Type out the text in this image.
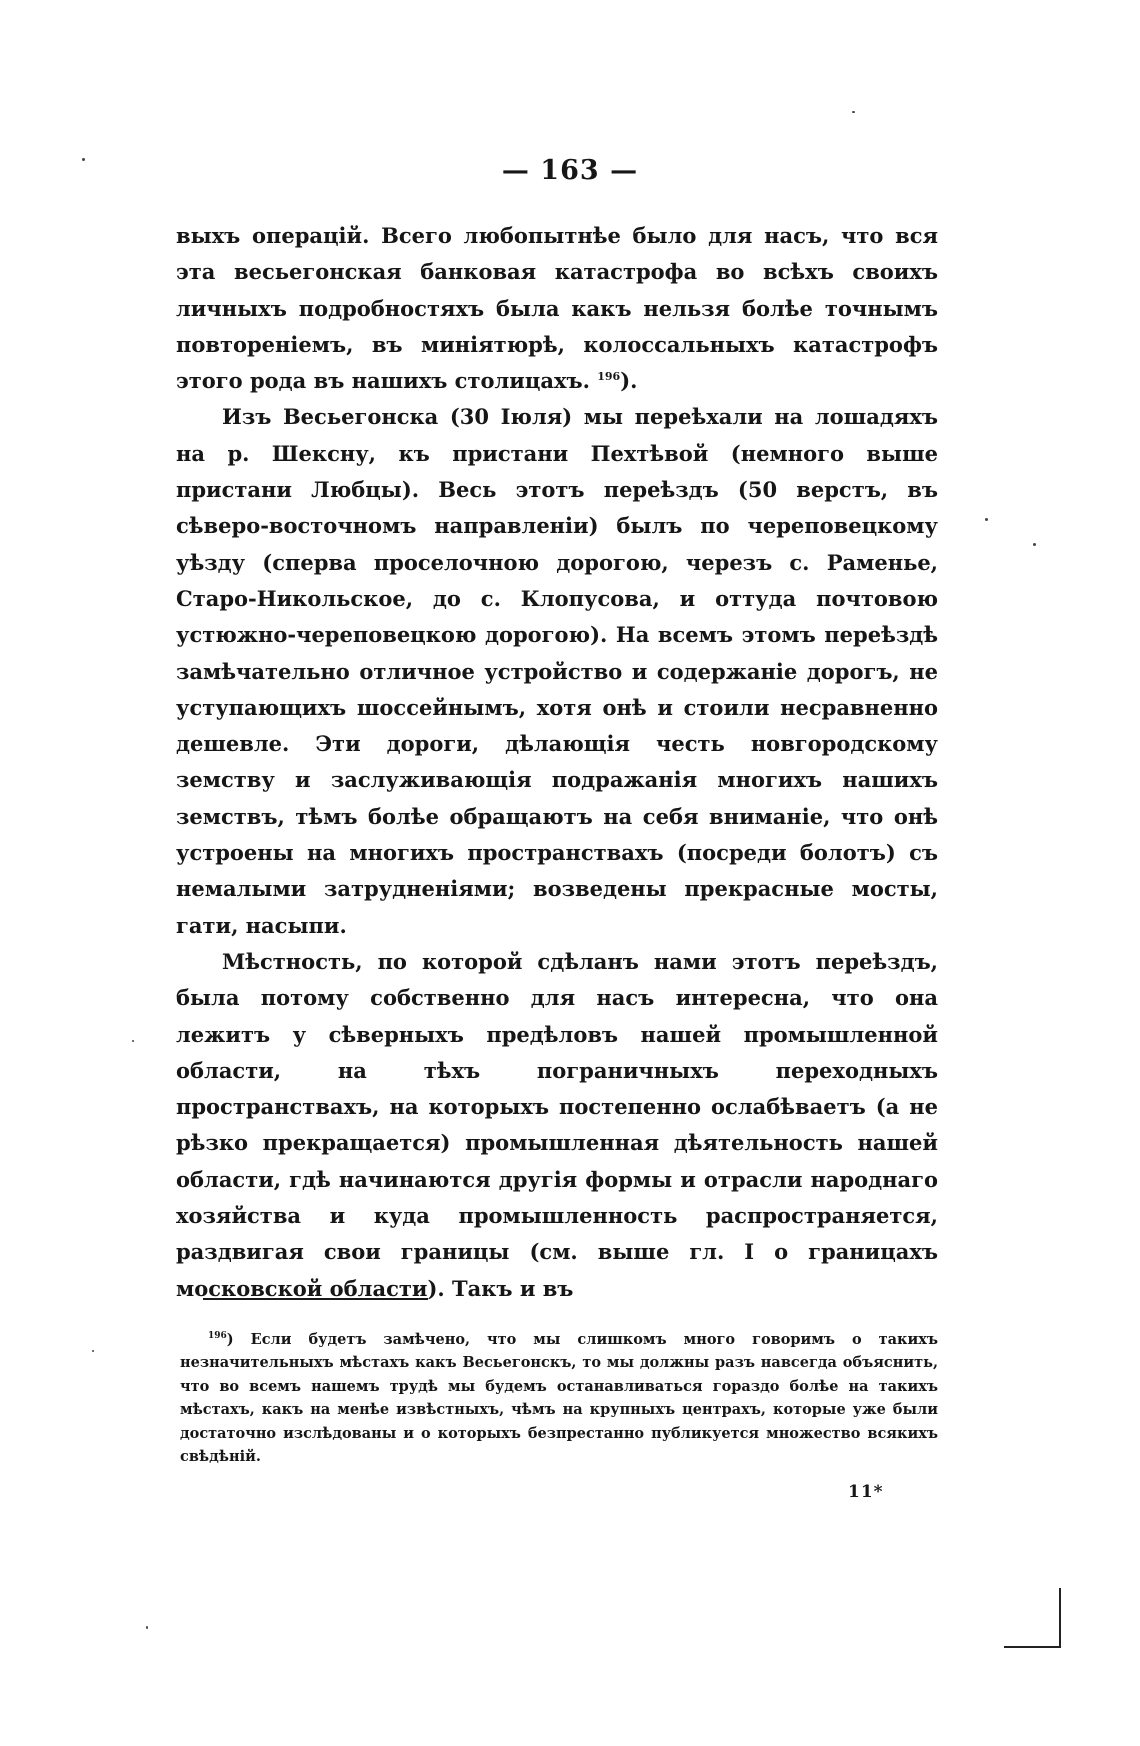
— 163 —

выхъ операцій. Всего любопытнѣе было для насъ, что вся эта весьегонская банковая катастрофа во всѣхъ своихъ личныхъ подробностяхъ была какъ нельзя болѣе точнымъ повтореніемъ, въ миніятюрѣ, колоссальныхъ катастрофъ этого рода въ нашихъ столицахъ. $^{196}$).

Изъ Весьегонска (30 Іюля) мы переѣхали на лошадяхъ на р. Шексну, къ пристани Пехтѣвой (немного выше пристани Любцы). Весь этотъ переѣздъ (50 верстъ, въ сѣверо-восточномъ направленіи) былъ по череповецкому уѣзду (сперва проселочною дорогою, черезъ с. Раменье, Старо-Никольское, до с. Клопусова, и оттуда почтовою устюжно-череповецкою дорогою). На всемъ этомъ переѣздѣ замѣчательно отличное устройство и содержаніе дорогъ, не уступающихъ шоссейнымъ, хотя онѣ и стоили несравненно дешевле. Эти дороги, дѣлающія честь новгородскому земству и заслуживающія подражанія многихъ нашихъ земствъ, тѣмъ болѣе обращаютъ на себя вниманіе, что онѣ устроены на многихъ пространствахъ (посреди болотъ) съ немалыми затрудненіями; возведены прекрасные мосты, гати, насыпи.

Мѣстность, по которой сдѣланъ нами этотъ переѣздъ, была потому собственно для насъ интересна, что она лежитъ у сѣверныхъ предѣловъ нашей промышленной области, на тѣхъ пограничныхъ переходныхъ пространствахъ, на которыхъ постепенно ослабѣваетъ (а не рѣзко прекращается) промышленная дѣятельность нашей области, гдѣ начинаются другія формы и отрасли народнаго хозяйства и куда промышленность распространяется, раздвигая свои границы (см. выше гл. I о границахъ московской области). Такъ и въ

$^{196}$) Если будетъ замѣчено, что мы слишкомъ много говоримъ о такихъ незначительныхъ мѣстахъ какъ Весьегонскъ, то мы должны разъ навсегда объяснить, что во всемъ нашемъ трудѣ мы будемъ останавливаться гораздо болѣе на такихъ мѣстахъ, какъ на менѣе извѣстныхъ, чѣмъ на крупныхъ центрахъ, которые уже были достаточно изслѣдованы и о которыхъ безпрестанно публикуется множество всякихъ свѣдѣній.

11*
